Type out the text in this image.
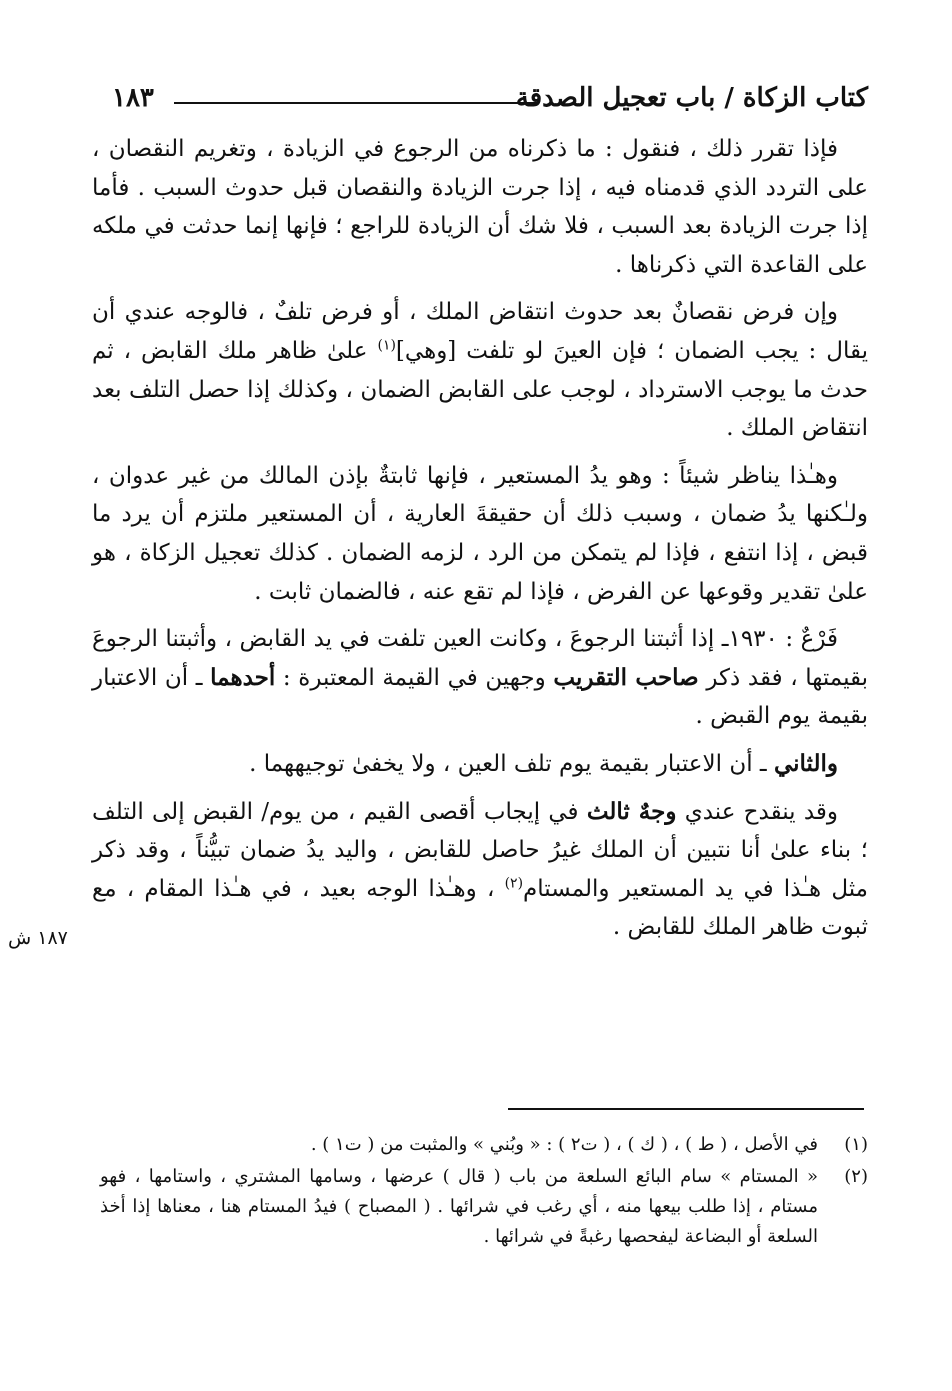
كتاب الزكاة / باب تعجيل الصدقة
١٨٣

فإذا تقرر ذلك ، فنقول : ما ذكرناه من الرجوع في الزيادة ، وتغريم النقصان ، على التردد الذي قدمناه فيه ، إذا جرت الزيادة والنقصان قبل حدوث السبب . فأما إذا جرت الزيادة بعد السبب ، فلا شك أن الزيادة للراجع ؛ فإنها إنما حدثت في ملكه على القاعدة التي ذكرناها .

وإن فرض نقصانٌ بعد حدوث انتقاض الملك ، أو فرض تلفٌ ، فالوجه عندي أن يقال : يجب الضمان ؛ فإن العينَ لو تلفت [وهي]$^{(١)}$ علىٰ ظاهر ملك القابض ، ثم حدث ما يوجب الاسترداد ، لوجب على القابض الضمان ، وكذلك إذا حصل التلف بعد انتقاض الملك .

وهـٰذا يناظر شيئاً : وهو يدُ المستعير ، فإنها ثابتةٌ بإذن المالك من غير عدوان ، ولـٰكنها يدُ ضمان ، وسبب ذلك أن حقيقةَ العارية ، أن المستعير ملتزم أن يرد ما قبض ، إذا انتفع ، فإذا لم يتمكن من الرد ، لزمه الضمان . كذلك تعجيل الزكاة ، هو علىٰ تقدير وقوعها عن الفرض ، فإذا لم تقع عنه ، فالضمان ثابت .

فَرْعٌ : ١٩٣٠ـ إذا أثبتنا الرجوعَ ، وكانت العين تلفت في يد القابض ، وأثبتنا الرجوعَ بقيمتها ، فقد ذكر صاحب التقريب وجهين في القيمة المعتبرة : أحدهما ـ أن الاعتبار بقيمة يوم القبض .

والثاني ـ أن الاعتبار بقيمة يوم تلف العين ، ولا يخفىٰ توجيههما .

وقد ينقدح عندي وجهٌ ثالث في إيجاب أقصى القيم ، من يوم/ القبض إلى التلف ؛ بناء علىٰ أنا نتبين أن الملك غيرُ حاصل للقابض ، واليد يدُ ضمان تبيُّناً ، وقد ذكر مثل هـٰذا في يد المستعير والمستام$^{(٢)}$ ، وهـٰذا الوجه بعيد ، في هـٰذا المقام ، مع ثبوت ظاهر الملك للقابض .

١٨٧ ش
(١)
في الأصل ، ( ط ) ، ( ك ) ، ( ت٢ ) : « وبُني » والمثبت من ( ت١ ) .
(٢)
« المستام » سام البائع السلعة من باب ( قال ) عرضها ، وسامها المشتري ، واستامها ، فهو مستام ، إذا طلب بيعها منه ، أي رغب في شرائها . ( المصباح ) فيدُ المستام هنا ، معناها إذا أخذ السلعة أو البضاعة ليفحصها رغبةً في شرائها .
